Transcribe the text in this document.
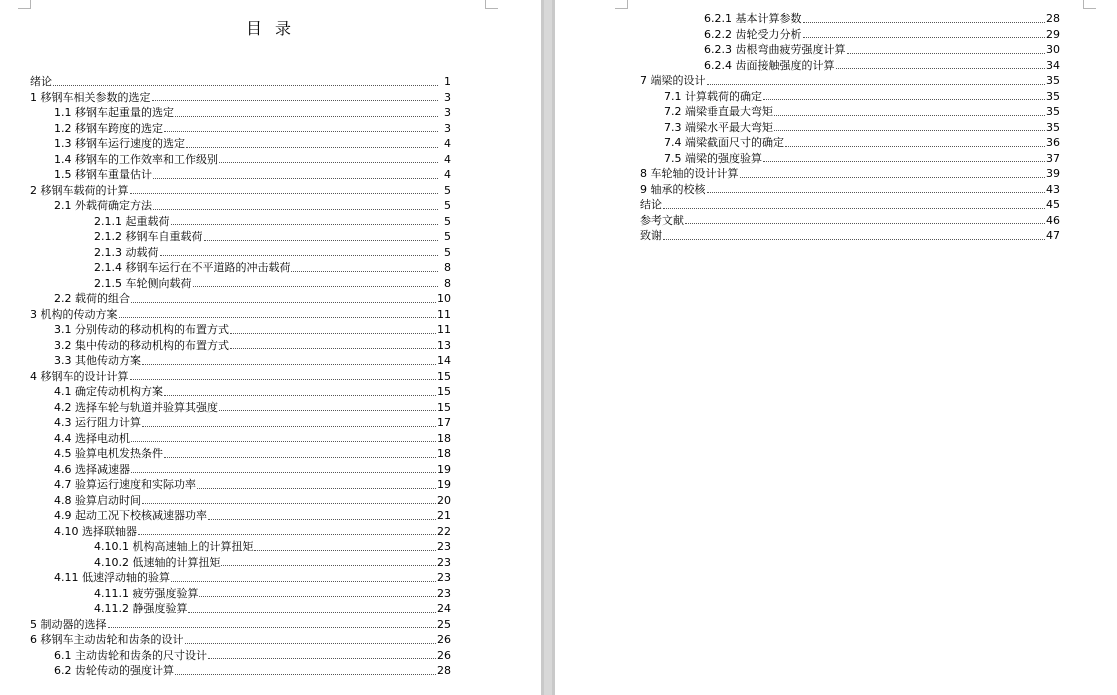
目 录
绪论	1
1 移钢车相关参数的选定	3
1.1 移钢车起重量的选定	3
1.2 移钢车跨度的选定	3
1.3 移钢车运行速度的选定	4
1.4 移钢车的工作效率和工作级别	4
1.5 移钢车重量估计	4
2 移钢车载荷的计算	5
2.1 外载荷确定方法	5
2.1.1 起重载荷	5
2.1.2 移钢车自重载荷	5
2.1.3 动载荷	5
2.1.4 移钢车运行在不平道路的冲击载荷	8
2.1.5 车轮侧向载荷	8
2.2 载荷的组合	10
3 机构的传动方案	11
3.1 分别传动的移动机构的布置方式	11
3.2 集中传动的移动机构的布置方式	13
3.3 其他传动方案	14
4 移钢车的设计计算	15
4.1 确定传动机构方案	15
4.2 选择车轮与轨道并验算其强度	15
4.3 运行阻力计算	17
4.4 选择电动机	18
4.5 验算电机发热条件	18
4.6 选择减速器	19
4.7 验算运行速度和实际功率	19
4.8 验算启动时间	20
4.9 起动工况下校核减速器功率	21
4.10 选择联轴器	22
4.10.1 机构高速轴上的计算扭矩	23
4.10.2 低速轴的计算扭矩	23
4.11 低速浮动轴的验算	23
4.11.1 疲劳强度验算	23
4.11.2 静强度验算	24
5 制动器的选择	25
6 移钢车主动齿轮和齿条的设计	26
6.1 主动齿轮和齿条的尺寸设计	26
6.2 齿轮传动的强度计算	28
6.2.1 基本计算参数	28
6.2.2 齿轮受力分析	29
6.2.3 齿根弯曲疲劳强度计算	30
6.2.4 齿面接触强度的计算	34
7 端梁的设计	35
7.1 计算载荷的确定	35
7.2 端梁垂直最大弯矩	35
7.3 端梁水平最大弯矩	35
7.4 端梁截面尺寸的确定	36
7.5 端梁的强度验算	37
8 车轮轴的设计计算	39
9 轴承的校核	43
结论	45
参考文献	46
致谢	47
